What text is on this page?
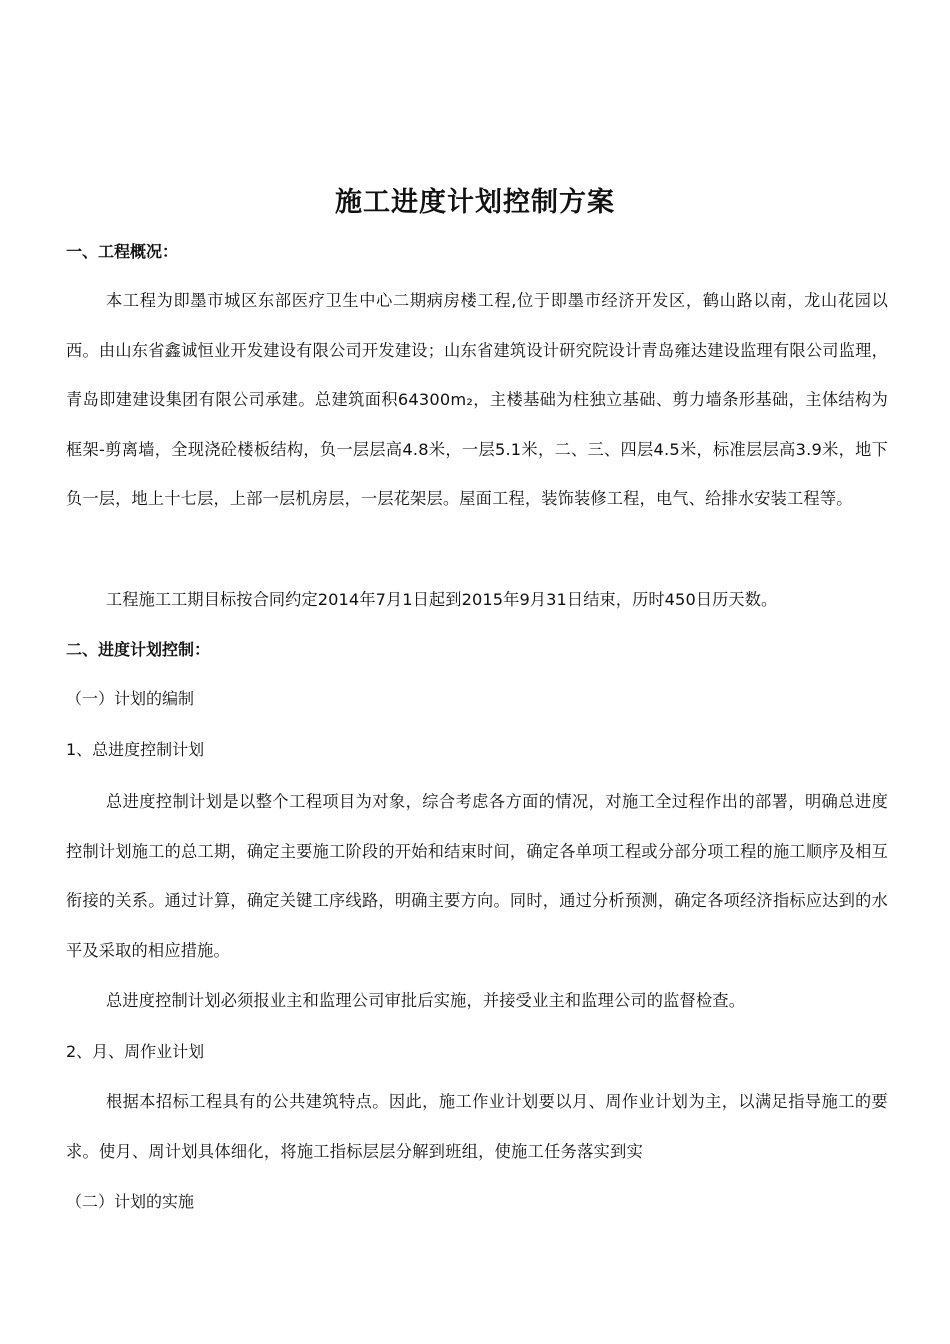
施工进度计划控制方案
一、工程概况：
本工程为即墨市城区东部医疗卫生中心二期病房楼工程,位于即墨市经济开发区，鹤山路以南，龙山花园以西。由山东省鑫诚恒业开发建设有限公司开发建设；山东省建筑设计研究院设计青岛雍达建设监理有限公司监理，青岛即建建设集团有限公司承建。总建筑面积64300m₂，主楼基础为柱独立基础、剪力墙条形基础，主体结构为框架-剪离墙，全现浇砼楼板结构，负一层层高4.8米，一层5.1米，二、三、四层4.5米，标准层层高3.9米，地下负一层，地上十七层，上部一层机房层，一层花架层。屋面工程，装饰装修工程，电气、给排水安装工程等。
工程施工工期目标按合同约定2014年7月1日起到2015年9月31日结束，历时450日历天数。
二、进度计划控制：
（一）计划的编制
1、总进度控制计划
总进度控制计划是以整个工程项目为对象，综合考虑各方面的情况，对施工全过程作出的部署，明确总进度控制计划施工的总工期，确定主要施工阶段的开始和结束时间，确定各单项工程或分部分项工程的施工顺序及相互衔接的关系。通过计算，确定关键工序线路，明确主要方向。同时，通过分析预测，确定各项经济指标应达到的水平及采取的相应措施。
总进度控制计划必须报业主和监理公司审批后实施，并接受业主和监理公司的监督检查。
2、月、周作业计划
根据本招标工程具有的公共建筑特点。因此，施工作业计划要以月、周作业计划为主，以满足指导施工的要求。使月、周计划具体细化，将施工指标层层分解到班组，使施工任务落实到实
（二）计划的实施
